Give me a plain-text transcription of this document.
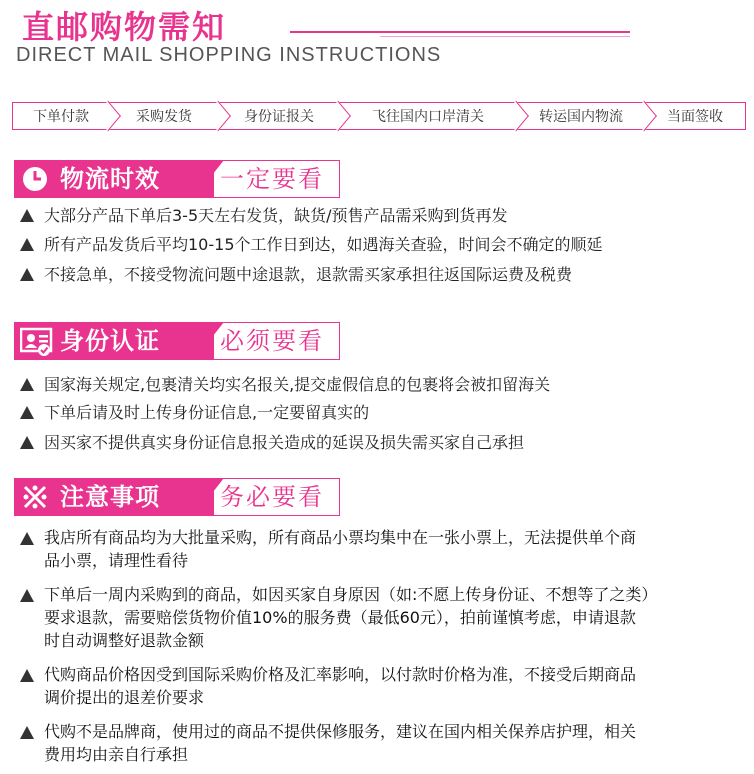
直邮购物需知
DIRECT MAIL SHOPPING INSTRUCTIONS
下单付款	采购发货	身份证报关	飞往国内口岸清关	转运国内物流	当面签收
物流时效	一定要看
大部分产品下单后3-5天左右发货，缺货/预售产品需采购到货再发
所有产品发货后平均10-15个工作日到达，如遇海关查验，时间会不确定的顺延
不接急单，不接受物流问题中途退款，退款需买家承担往返国际运费及税费
身份认证	必须要看
国家海关规定,包裹清关均实名报关,提交虚假信息的包裹将会被扣留海关
下单后请及时上传身份证信息,一定要留真实的
因买家不提供真实身份证信息报关造成的延误及损失需买家自己承担
注意事项	务必要看
我店所有商品均为大批量采购，所有商品小票均集中在一张小票上，无法提供单个商
品小票，请理性看待
下单后一周内采购到的商品，如因买家自身原因（如:不愿上传身份证、不想等了之类）
要求退款，需要赔偿货物价值10%的服务费（最低60元），拍前谨慎考虑，申请退款
时自动调整好退款金额
代购商品价格因受到国际采购价格及汇率影响，以付款时价格为准，不接受后期商品
调价提出的退差价要求
代购不是品牌商，使用过的商品不提供保修服务，建议在国内相关保养店护理，相关
费用均由亲自行承担
